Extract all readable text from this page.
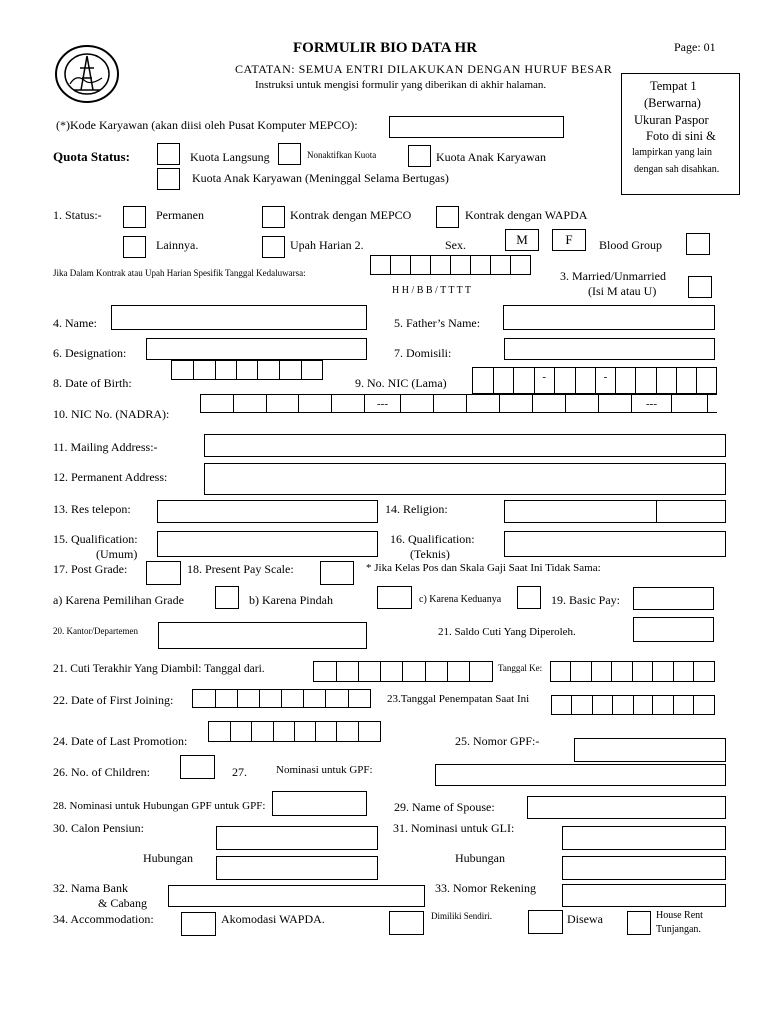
FORMULIR BIO DATA HR	Page: 01
CATATAN: SEMUA ENTRI DILAKUKAN DENGAN HURUF BESAR
Instruksi untuk mengisi formulir yang diberikan di akhir halaman.	Tempat 1
(Berwarna)
Ukuran Paspor
Foto di sini &
lampirkan yang lain
dengan sah disahkan.
(*)Kode Karyawan (akan diisi oleh Pusat Komputer MEPCO):
Quota Status:	Kuota Langsung	Nonaktifkan Kuota	Kuota Anak Karyawan
Kuota Anak Karyawan (Meninggal Selama Bertugas)
1. Status:-	Permanen	Kontrak dengan MEPCO	Kontrak dengan WAPDA
Lainnya.	Upah Harian 2.	Sex.	M	F	Blood Group
Jika Dalam Kontrak atau Upah Harian Spesifik Tanggal Kedaluwarsa:
H H / B B / T T T T
3. Married/Unmarried
(Isi M atau U)
4. Name:	5. Father’s Name:
6. Designation:	7. Domisili:
8. Date of Birth:	9. No. NIC (Lama)	-	-
10. NIC No. (NADRA):
---	---
11. Mailing Address:-
12. Permanent Address:
13. Res telepon:	14. Religion:
15. Qualification:
(Umum)
16. Qualification:
(Teknis)
17. Post Grade:	18. Present Pay Scale:	* Jika Kelas Pos dan Skala Gaji Saat Ini Tidak Sama:
a) Karena Pemilihan Grade	b) Karena Pindah	c) Karena Keduanya	19. Basic Pay:
20. Kantor/Departemen	21. Saldo Cuti Yang Diperoleh.
21. Cuti Terakhir Yang Diambil: Tanggal dari.	Tanggal Ke:
22. Date of First Joining:	23.Tanggal Penempatan Saat Ini
24. Date of Last Promotion:	25. Nomor GPF:-
26. No. of Children:	27.	Nominasi untuk GPF:
28. Nominasi untuk Hubungan GPF untuk GPF:	29. Name of Spouse:
30. Calon Pensiun:	31. Nominasi untuk GLI:
Hubungan	Hubungan
32. Nama Bank
& Cabang
33. Nomor Rekening
34. Accommodation:	Akomodasi WAPDA.	Dimiliki Sendiri.	Disewa	House Rent
Tunjangan.
